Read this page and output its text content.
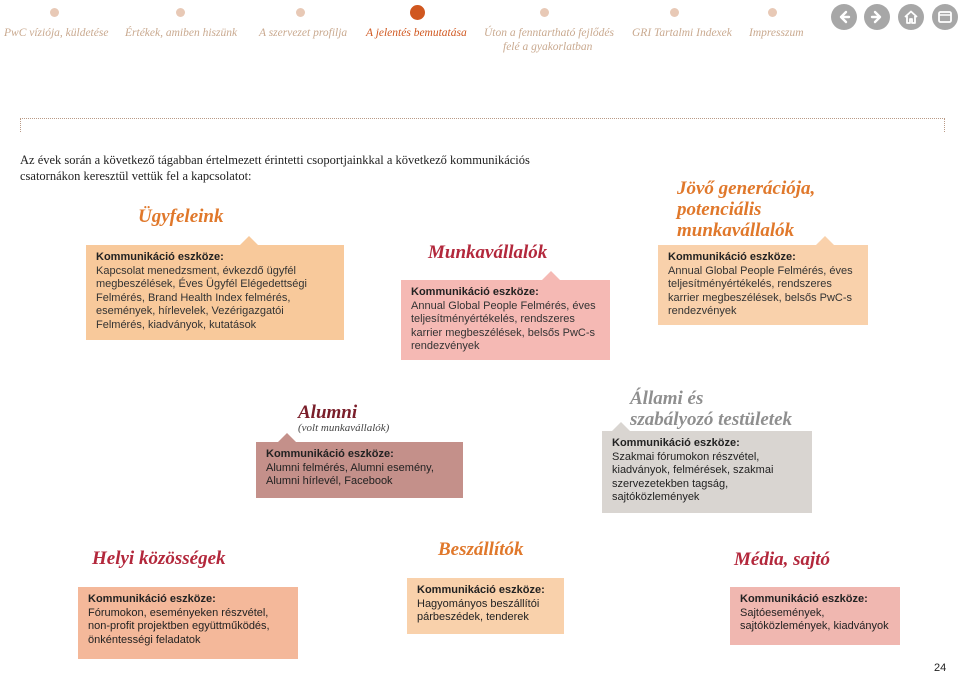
PwC víziója, küldetése Értékek, amiben hiszünk A szervezet profilja A jelentés bemutatása Úton a fenntartható fejlődés
felé a gyakorlatban
GRI Tartalmi Indexek Impresszum
Az évek során a következő tágabban értelmezett érintetti csoportjainkkal a következő kommunikációs csatornákon keresztül vettük fel a kapcsolatot:
Ügyfeleink
Kommunikáció eszköze:
Kapcsolat menedzsment, évkezdő ügyfél megbeszélések, Éves Ügyfél Elégedettségi Felmérés, Brand Health Index felmérés, események, hírlevelek, Vezérigazgatói Felmérés, kiadványok, kutatások
Munkavállalók
Kommunikáció eszköze:
Annual Global People Felmérés, éves teljesítményértékelés, rendszeres karrier megbeszélések, belsős PwC-s rendezvények
Jövő generációja,
potenciális
munkavállalók
Kommunikáció eszköze:
Annual Global People Felmérés, éves teljesítményértékelés, rendszeres karrier megbeszélések, belsős PwC-s rendezvények
Alumni
(volt munkavállalók)
Kommunikáció eszköze:
Alumni felmérés, Alumni esemény, Alumni hírlevél, Facebook
Állami és
szabályozó testületek
Kommunikáció eszköze:
Szakmai fórumokon részvétel, kiadványok, felmérések, szakmai szervezetekben tagság, sajtóközlemények
Helyi közösségek
Kommunikáció eszköze:
Fórumokon, eseményeken részvétel, non-profit projektben együttműködés, önkéntességi feladatok
Beszállítók
Kommunikáció eszköze:
Hagyományos beszállítói párbeszédek, tenderek
Média, sajtó
Kommunikáció eszköze:
Sajtóesemények, sajtóközlemények, kiadványok
24
